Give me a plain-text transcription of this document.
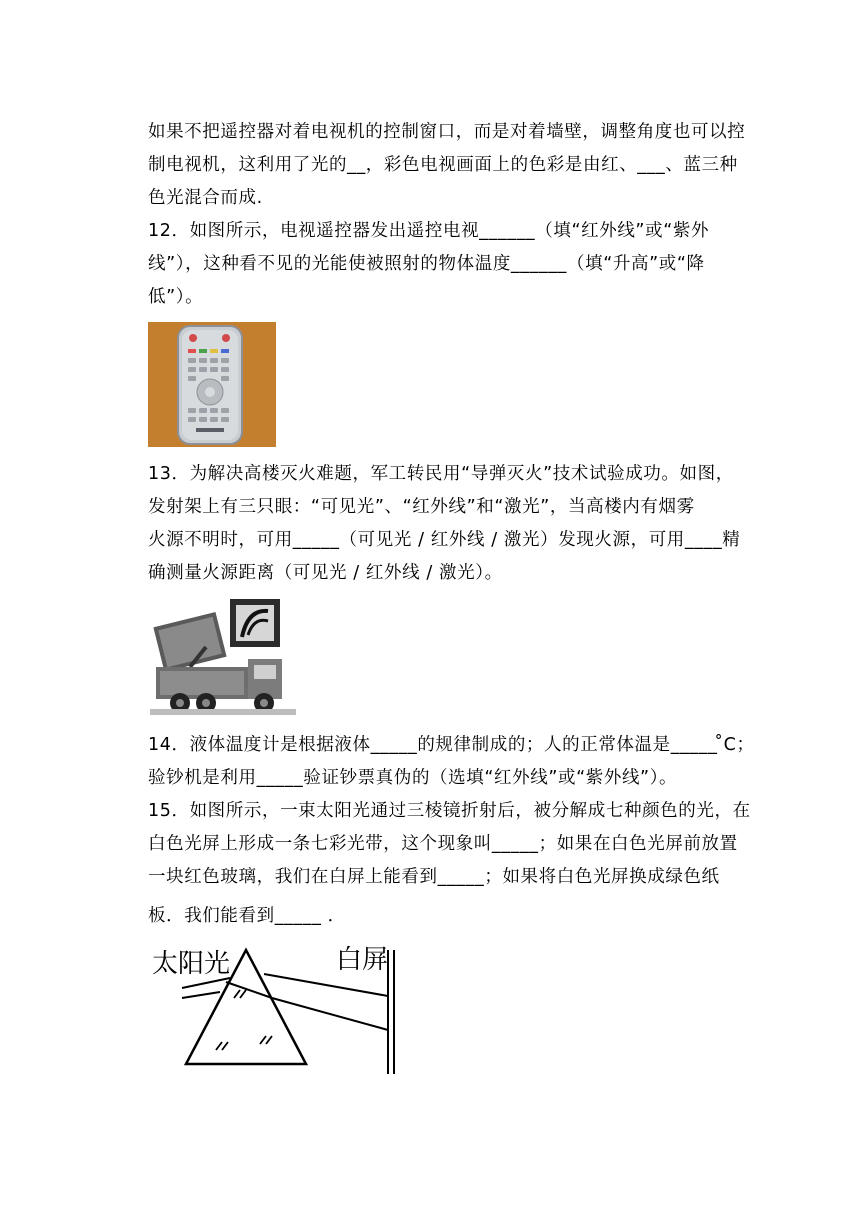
如果不把遥控器对着电视机的控制窗口，而是对着墙壁，调整角度也可以控
制电视机，这利用了光的__，彩色电视画面上的色彩是由红、___、蓝三种
色光混合而成.
12．如图所示，电视遥控器发出遥控电视______（填“红外线”或“紫外
线”），这种看不见的光能使被照射的物体温度______（填“升高”或“降
低”）。
13．为解决高楼灭火难题，军工转民用“导弹灭火”技术试验成功。如图，
发射架上有三只眼：“可见光”、“红外线”和“激光”，当高楼内有烟雾
火源不明时，可用_____（可见光 / 红外线 / 激光）发现火源，可用____精
确测量火源距离（可见光 / 红外线 / 激光）。
14．液体温度计是根据液体_____的规律制成的；人的正常体温是_____ ̊C；
验钞机是利用_____验证钞票真伪的（选填“红外线”或“紫外线”）。
15．如图所示，一束太阳光通过三棱镜折射后，被分解成七种颜色的光，在
白色光屏上形成一条七彩光带，这个现象叫_____；如果在白色光屏前放置
一块红色玻璃，我们在白屏上能看到_____；如果将白色光屏换成绿色纸
板．我们能看到_____ ．
太阳光	白屏
